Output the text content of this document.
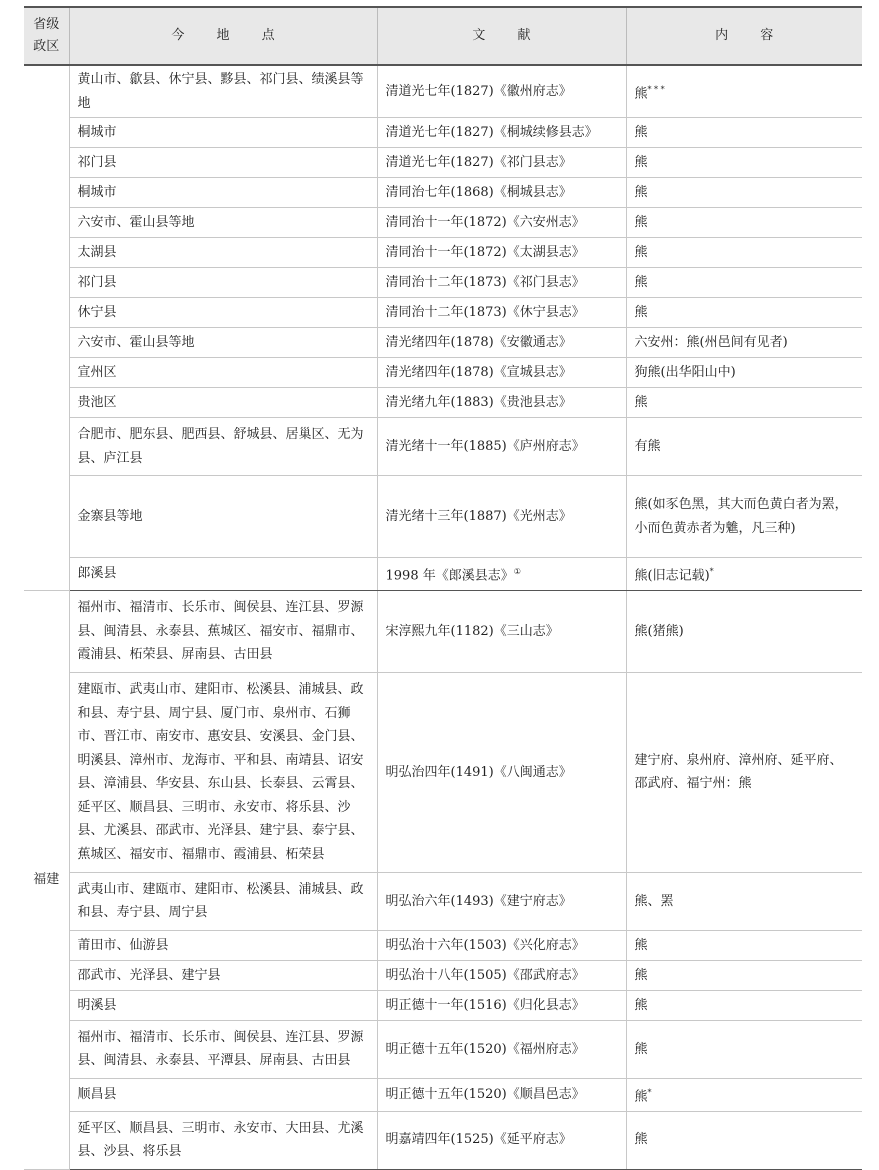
省级
政区	今 地 点	文 献	内 容
	黄山市、歙县、休宁县、黟县、祁门县、绩溪县等地	清道光七年(1827)《徽州府志》	熊* * *
	桐城市	清道光七年(1827)《桐城续修县志》	熊
	祁门县	清道光七年(1827)《祁门县志》	熊
	桐城市	清同治七年(1868)《桐城县志》	熊
	六安市、霍山县等地	清同治十一年(1872)《六安州志》	熊
	太湖县	清同治十一年(1872)《太湖县志》	熊
	祁门县	清同治十二年(1873)《祁门县志》	熊
	休宁县	清同治十二年(1873)《休宁县志》	熊
	六安市、霍山县等地	清光绪四年(1878)《安徽通志》	六安州：熊(州邑间有见者)
	宣州区	清光绪四年(1878)《宣城县志》	狗熊(出华阳山中)
	贵池区	清光绪九年(1883)《贵池县志》	熊
	合肥市、肥东县、肥西县、舒城县、居巢区、无为县、庐江县	清光绪十一年(1885)《庐州府志》	有熊
	金寨县等地	清光绪十三年(1887)《光州志》	熊(如豕色黑，其大而色黄白者为罴，小而色黄赤者为魋，凡三种)
	郎溪县	1998 年《郎溪县志》①	熊(旧志记载)*
福建	福州市、福清市、长乐市、闽侯县、连江县、罗源县、闽清县、永泰县、蕉城区、福安市、福鼎市、霞浦县、柘荣县、屏南县、古田县	宋淳熙九年(1182)《三山志》	熊(猪熊)
	建瓯市、武夷山市、建阳市、松溪县、浦城县、政和县、寿宁县、周宁县、厦门市、泉州市、石狮市、晋江市、南安市、惠安县、安溪县、金门县、明溪县、漳州市、龙海市、平和县、南靖县、诏安县、漳浦县、华安县、东山县、长泰县、云霄县、延平区、顺昌县、三明市、永安市、将乐县、沙县、尤溪县、邵武市、光泽县、建宁县、泰宁县、蕉城区、福安市、福鼎市、霞浦县、柘荣县	明弘治四年(1491)《八闽通志》	建宁府、泉州府、漳州府、延平府、邵武府、福宁州：熊
	武夷山市、建瓯市、建阳市、松溪县、浦城县、政和县、寿宁县、周宁县	明弘治六年(1493)《建宁府志》	熊、罴
	莆田市、仙游县	明弘治十六年(1503)《兴化府志》	熊
	邵武市、光泽县、建宁县	明弘治十八年(1505)《邵武府志》	熊
	明溪县	明正德十一年(1516)《归化县志》	熊
	福州市、福清市、长乐市、闽侯县、连江县、罗源县、闽清县、永泰县、平潭县、屏南县、古田县	明正德十五年(1520)《福州府志》	熊
	顺昌县	明正德十五年(1520)《顺昌邑志》	熊*
	延平区、顺昌县、三明市、永安市、大田县、尤溪县、沙县、将乐县	明嘉靖四年(1525)《延平府志》	熊
